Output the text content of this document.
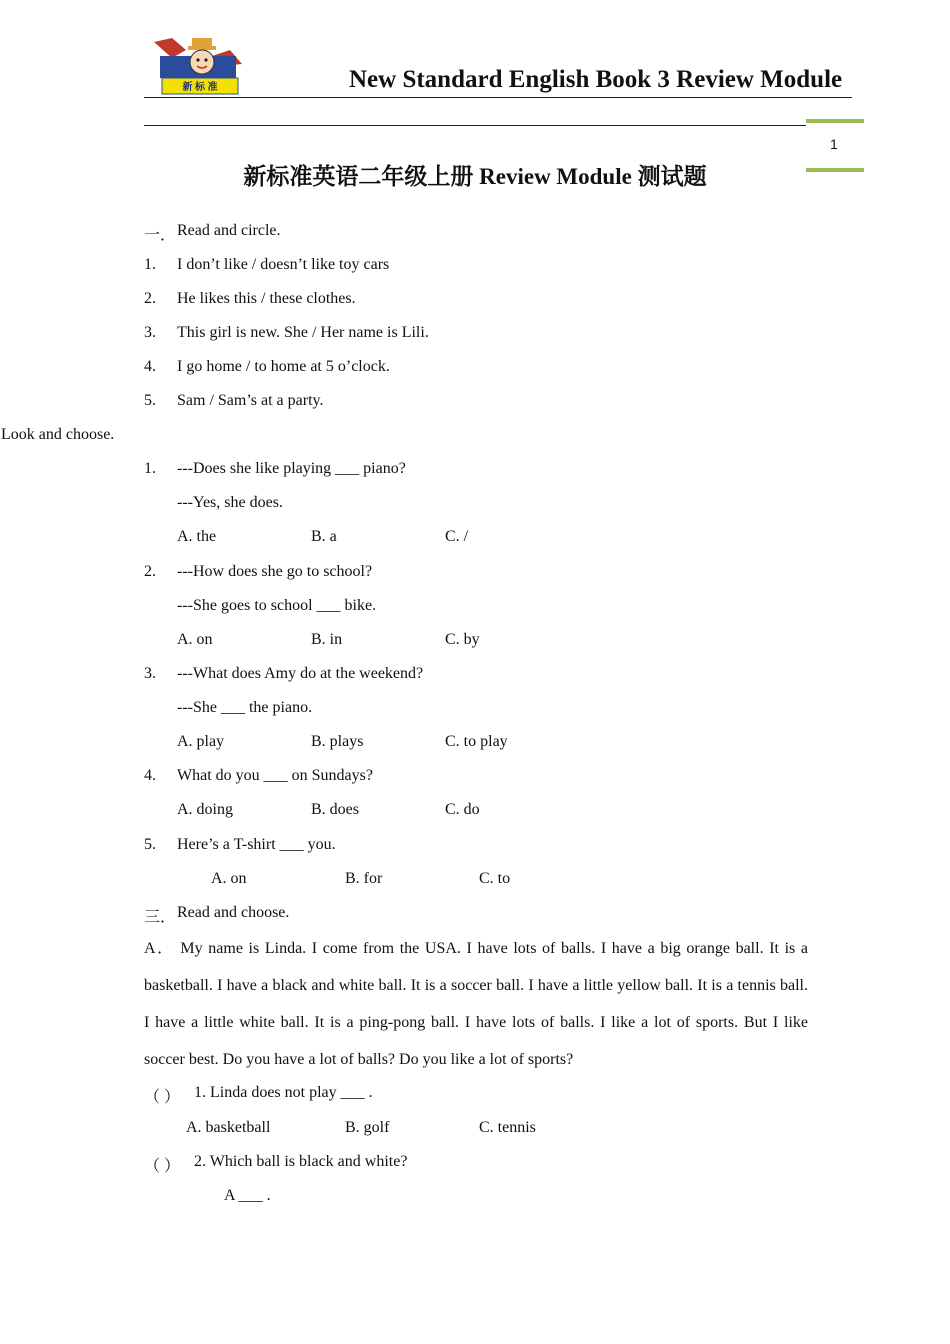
新 标 准	New Standard English Book 3 Review Module
1
新标准英语二年级上册 Review Module 测试题
一． Read and circle.
1. I don’t like / doesn’t like toy cars
2. He likes this / these clothes.
3. This girl is new. She / Her name is Lili.
4. I go home / to home at 5 o’clock.
5. Sam / Sam’s at a party.
Look and choose.
1. ---Does she like playing ___ piano?
---Yes, she does.
A. the	B. a	C. /
2. ---How does she go to school?
---She goes to school ___ bike.
A. on	B. in	C. by
3. ---What does Amy do at the weekend?
---She ___ the piano.
A. play	B. plays	C. to play
4. What do you ___ on Sundays?
A. doing	B. does	C. do
5. Here’s a T-shirt ___ you.
A. on	B. for	C. to
三． Read and choose.
A． My name is Linda. I come from the USA. I have lots of balls. I have a big orange ball. It is a basketball. I have a black and white ball. It is a soccer ball. I have a little yellow ball. It is a tennis ball. I have a little white ball. It is a ping-pong ball. I have lots of balls. I like a lot of sports. But I like soccer best. Do you have a lot of balls? Do you like a lot of sports?
（ ） 1. Linda does not play ___ .
A. basketball	B. golf	C. tennis
（ ） 2. Which ball is black and white?
A ___ .
